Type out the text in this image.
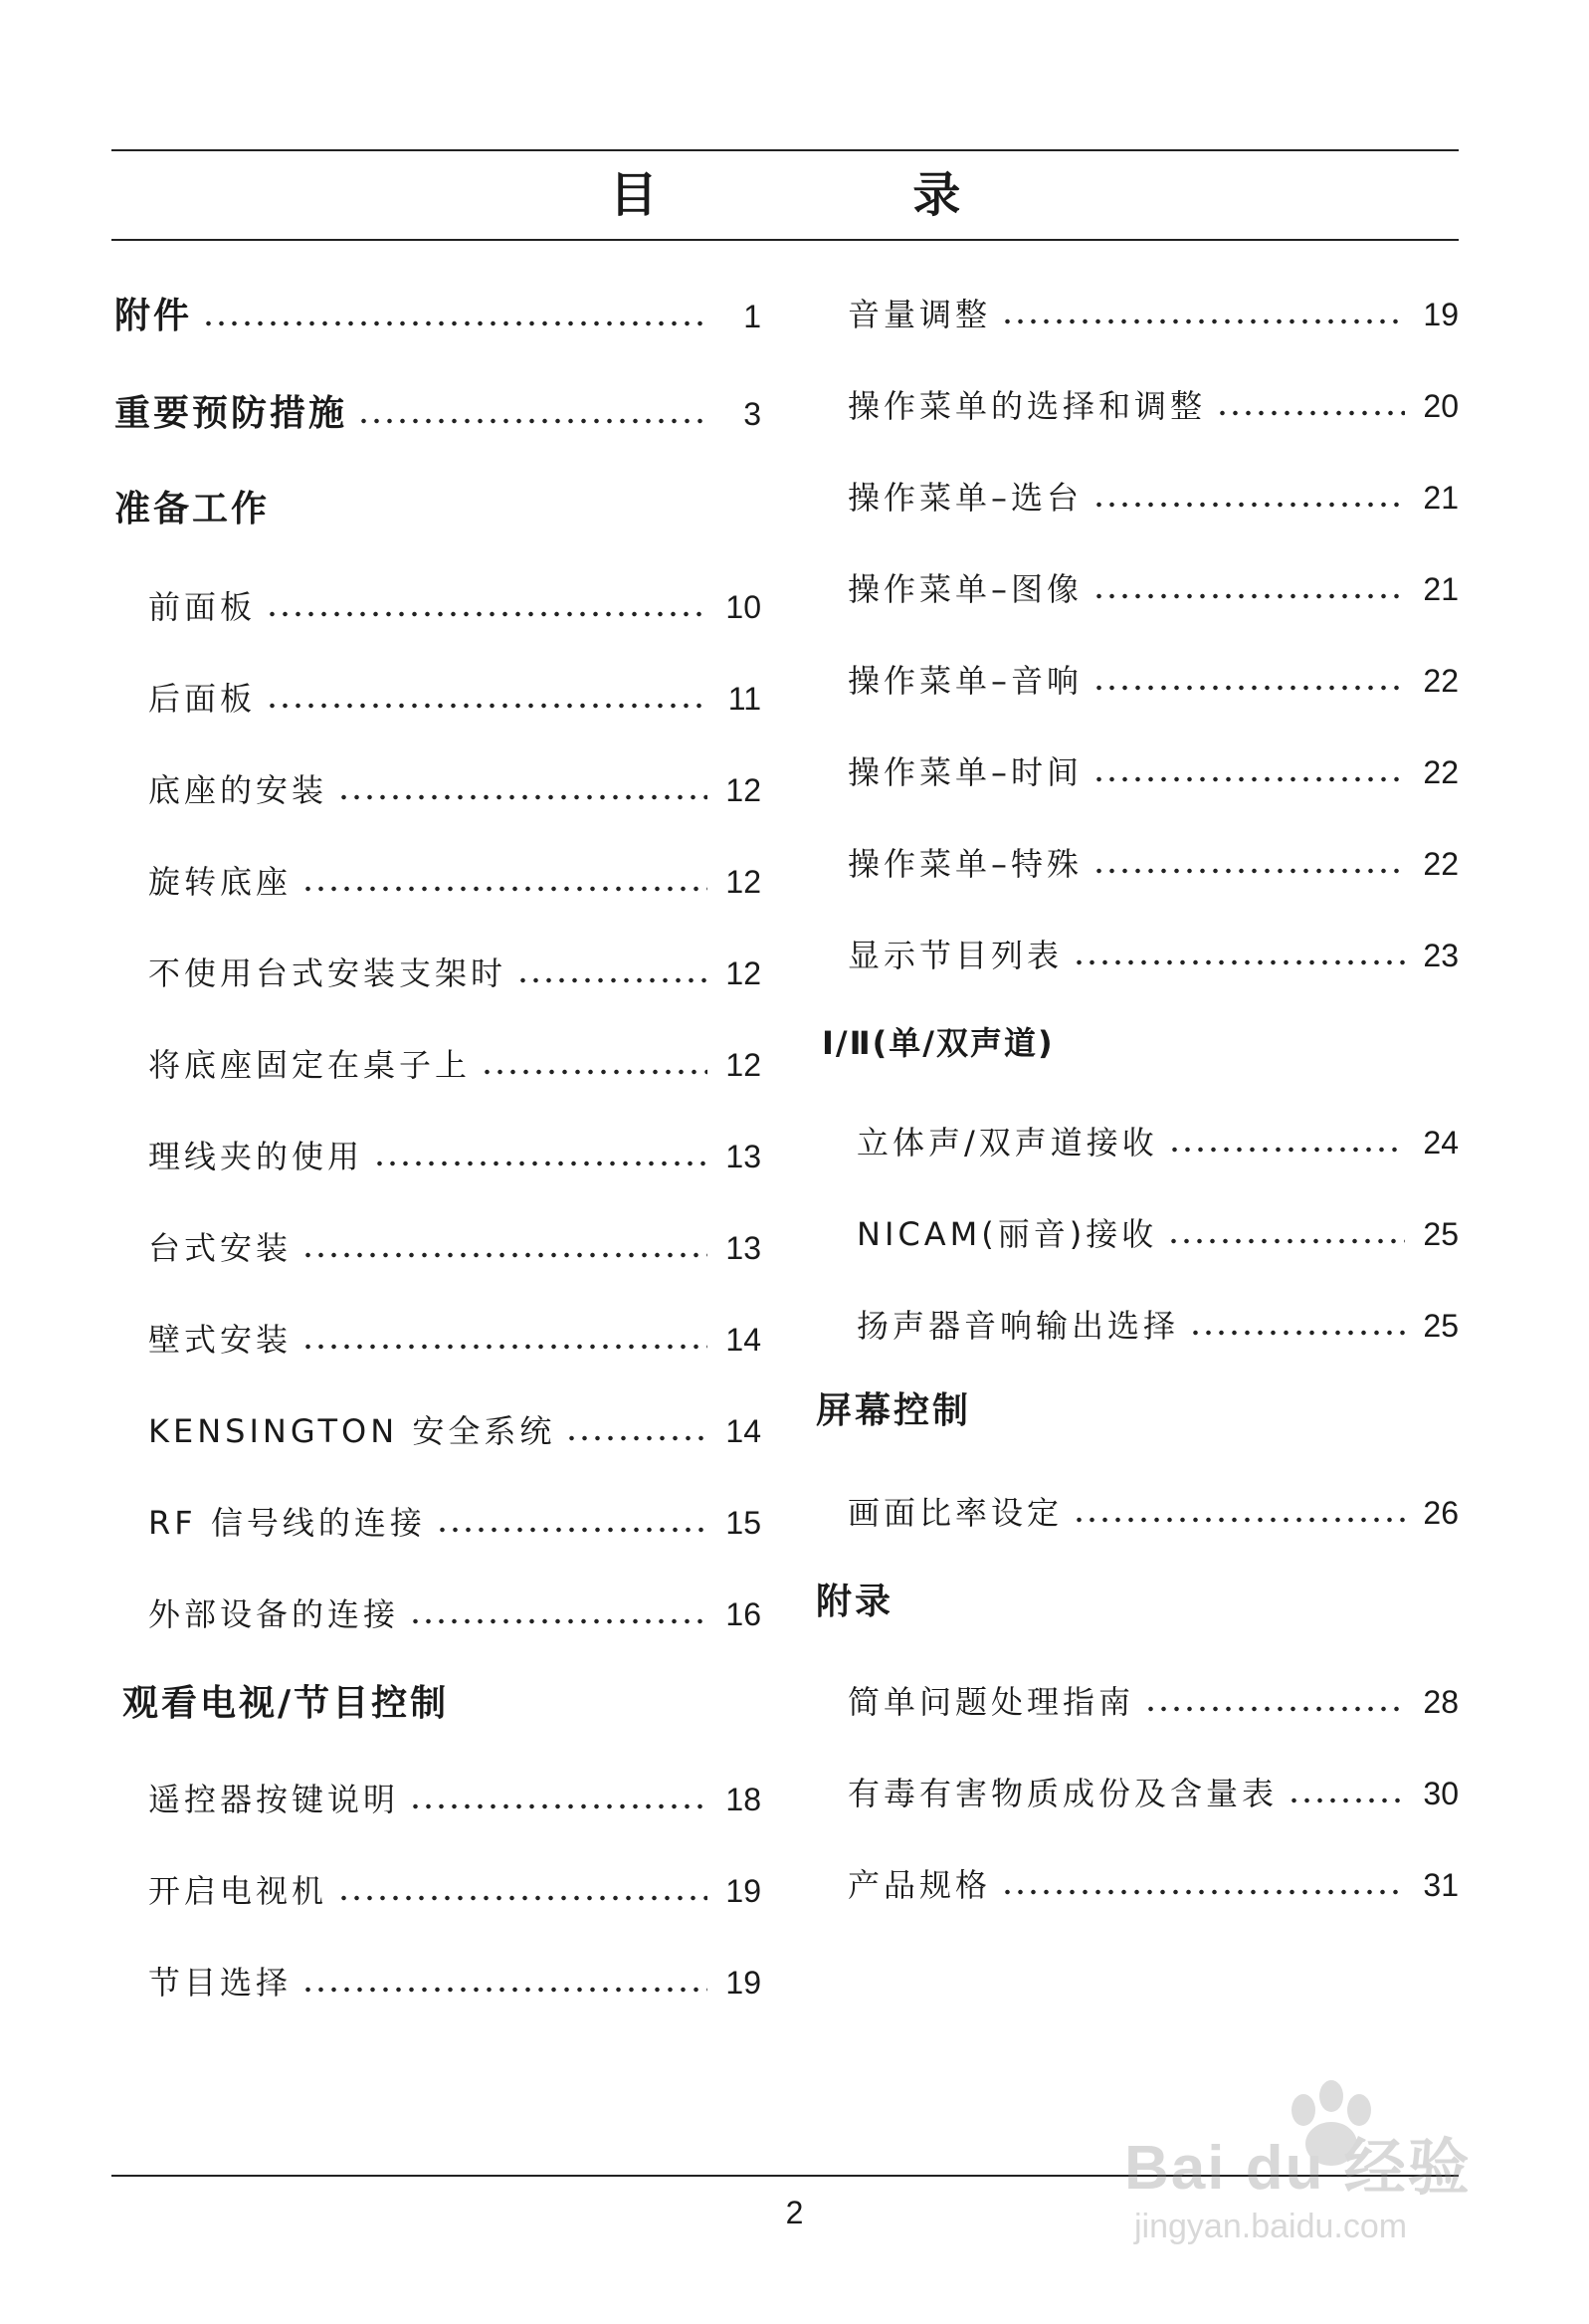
目 录
附件	1
重要预防措施	3
准备工作
前面板	10
后面板	11
底座的安装	12
旋转底座	12
不使用台式安装支架时	12
将底座固定在桌子上	12
理线夹的使用	13
台式安装	13
壁式安装	14
KENSINGTON 安全系统	14
RF 信号线的连接	15
外部设备的连接	16
观看电视/节目控制
遥控器按键说明	18
开启电视机	19
节目选择	19
音量调整	19
操作菜单的选择和调整	20
操作菜单–选台	21
操作菜单–图像	21
操作菜单–音响	22
操作菜单–时间	22
操作菜单–特殊	22
显示节目列表	23
Ⅰ/Ⅱ(单/双声道)
立体声/双声道接收	24
NICAM(丽音)接收	25
扬声器音响输出选择	25
屏幕控制
画面比率设定	26
附录
简单问题处理指南	28
有毒有害物质成份及含量表	30
产品规格	31
2
Bai du 经验
jingyan.baidu.com
